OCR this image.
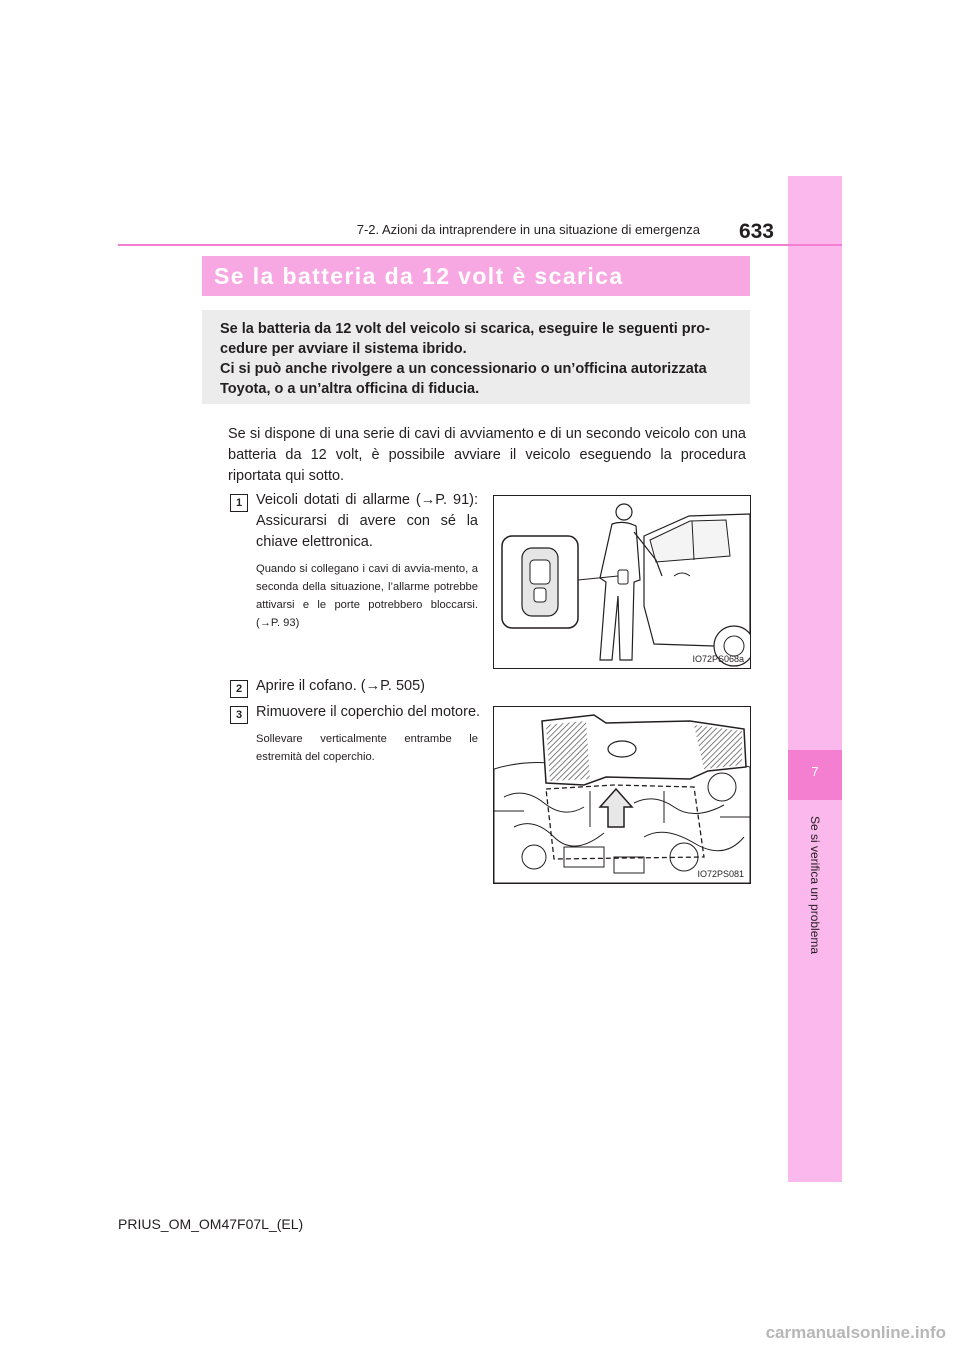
7
Se si verifica un problema
7-2. Azioni da intraprendere in una situazione di emergenza	633
Se la batteria da 12 volt è scarica

Se la batteria da 12 volt del veicolo si scarica, eseguire le seguenti pro-
cedure per avviare il sistema ibrido.
Ci si può anche rivolgere a un concessionario o un’officina autorizzata
Toyota, o a un’altra officina di fiducia.

Se si dispone di una serie di cavi di avviamento e di un secondo veicolo con una batteria da 12 volt, è possibile avviare il veicolo eseguendo la procedura riportata qui sotto.

1 Veicoli dotati di allarme (→P. 91): Assicurarsi di avere con sé la chiave elettronica.

Quando si collegano i cavi di avvia-mento, a seconda della situazione, l’allarme potrebbe attivarsi e le porte potrebbero bloccarsi. (→P. 93)

IO72PS068a
2 Aprire il cofano. (→P. 505)

3 Rimuovere il coperchio del motore.

Sollevare verticalmente entrambe le estremità del coperchio.

IO72PS081
PRIUS_OM_OM47F07L_(EL)
carmanualsonline.info
